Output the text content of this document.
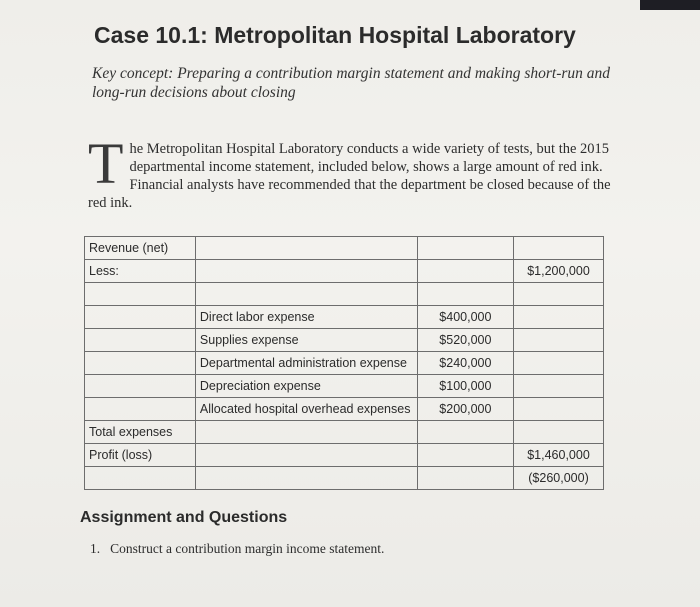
Case 10.1: Metropolitan Hospital Laboratory
Key concept: Preparing a contribution margin statement and making short-run and long-run decisions about closing
T he Metropolitan Hospital Laboratory conducts a wide variety of tests, but the 2015 departmental income statement, included below, shows a large amount of red ink. Financial analysts have recommended that the department be closed because of the red ink.
Revenue (net)			
Less:			$1,200,000

	Direct labor expense	$400,000	
	Supplies expense	$520,000	
	Departmental administration expense	$240,000	
	Depreciation expense	$100,000	
	Allocated hospital overhead expenses	$200,000	
Total expenses			
Profit (loss)			$1,460,000
			($260,000)
Assignment and Questions
1. Construct a contribution margin income statement.
